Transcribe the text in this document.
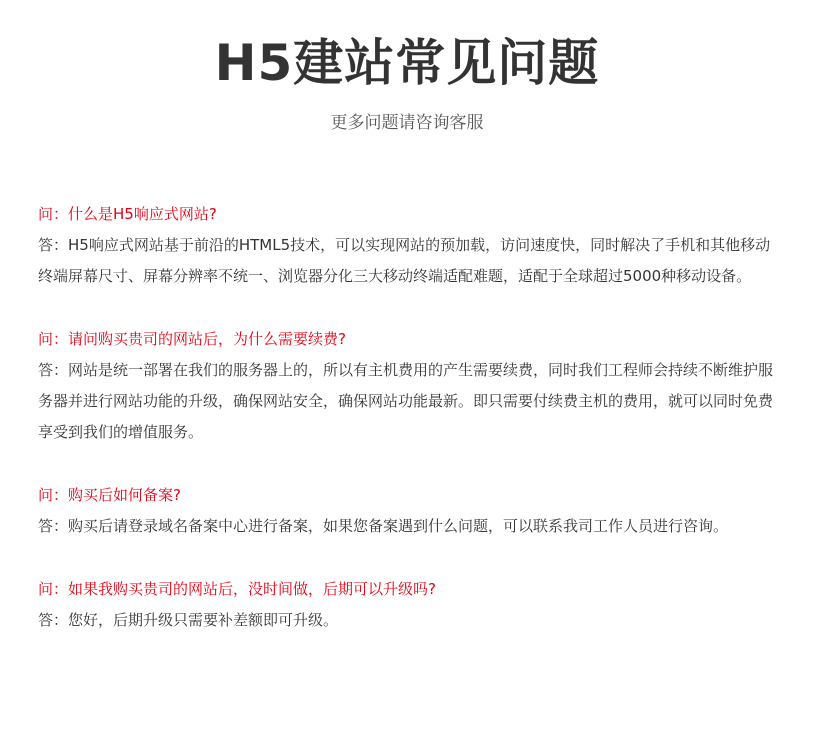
H5建站常见问题

更多问题请咨询客服

问：什么是H5响应式网站?

答：H5响应式网站基于前沿的HTML5技术，可以实现网站的预加载，访问速度快，同时解决了手机和其他移动终端屏幕尺寸、屏幕分辨率不统一、浏览器分化三大移动终端适配难题，适配于全球超过5000种移动设备。

问：请问购买贵司的网站后，为什么需要续费?

答：网站是统一部署在我们的服务器上的，所以有主机费用的产生需要续费，同时我们工程师会持续不断维护服务器并进行网站功能的升级，确保网站安全，确保网站功能最新。即只需要付续费主机的费用，就可以同时免费享受到我们的增值服务。

问：购买后如何备案?

答：购买后请登录域名备案中心进行备案，如果您备案遇到什么问题，可以联系我司工作人员进行咨询。

问：如果我购买贵司的网站后，没时间做，后期可以升级吗?

答：您好，后期升级只需要补差额即可升级。
